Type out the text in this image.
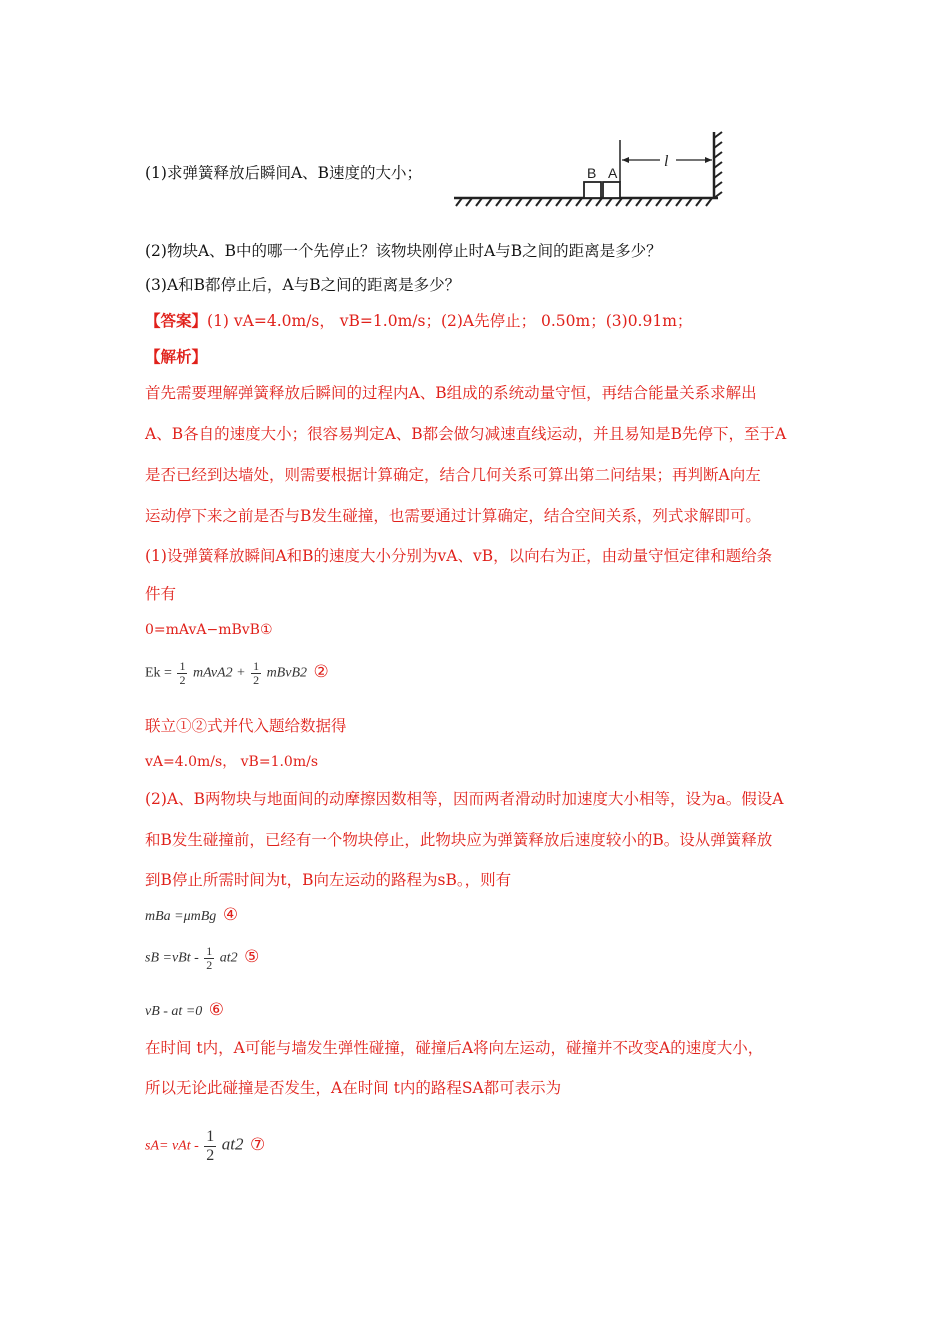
(1)求弹簧释放后瞬间A、B速度的大小；	B A
l
(2)物块A、B中的哪一个先停止？该物块刚停止时A与B之间的距离是多少？
(3)A和B都停止后，A与B之间的距离是多少？
【答案】(1) vA=4.0m/s， vB=1.0m/s；(2)A先停止； 0.50m；(3)0.91m；
【解析】
首先需要理解弹簧释放后瞬间的过程内A、B组成的系统动量守恒，再结合能量关系求解出
A、B各自的速度大小；很容易判定A、B都会做匀减速直线运动，并且易知是B先停下，至于A
是否已经到达墙处，则需要根据计算确定，结合几何关系可算出第二问结果；再判断A向左
运动停下来之前是否与B发生碰撞，也需要通过计算确定，结合空间关系，列式求解即可。
(1)设弹簧释放瞬间A和B的速度大小分别为vA、vB，以向右为正，由动量守恒定律和题给条
件有
0=mAvA−mBvB①
$Ek = \frac{1}{2}$ mAvA2 + $\frac{1}{2}$ mBvB2 ②
联立①②式并代入题给数据得
vA=4.0m/s， vB=1.0m/s
(2)A、B两物块与地面间的动摩擦因数相等，因而两者滑动时加速度大小相等，设为a。假设A
和B发生碰撞前，已经有一个物块停止，此物块应为弹簧释放后速度较小的B。设从弹簧释放
到B停止所需时间为t，B向左运动的路程为sB。，则有
mBa =μmBg ④
sB $=vBt - \frac{1}{2} at2$ ⑤
vB - at =0 ⑥
在时间 t内，A可能与墙发生弹性碰撞，碰撞后A将向左运动，碰撞并不改变A的速度大小，
所以无论此碰撞是否发生，A在时间 t内的路程SA都可表示为
sA= vAt - $\frac{1}{2} at2$ ⑦
